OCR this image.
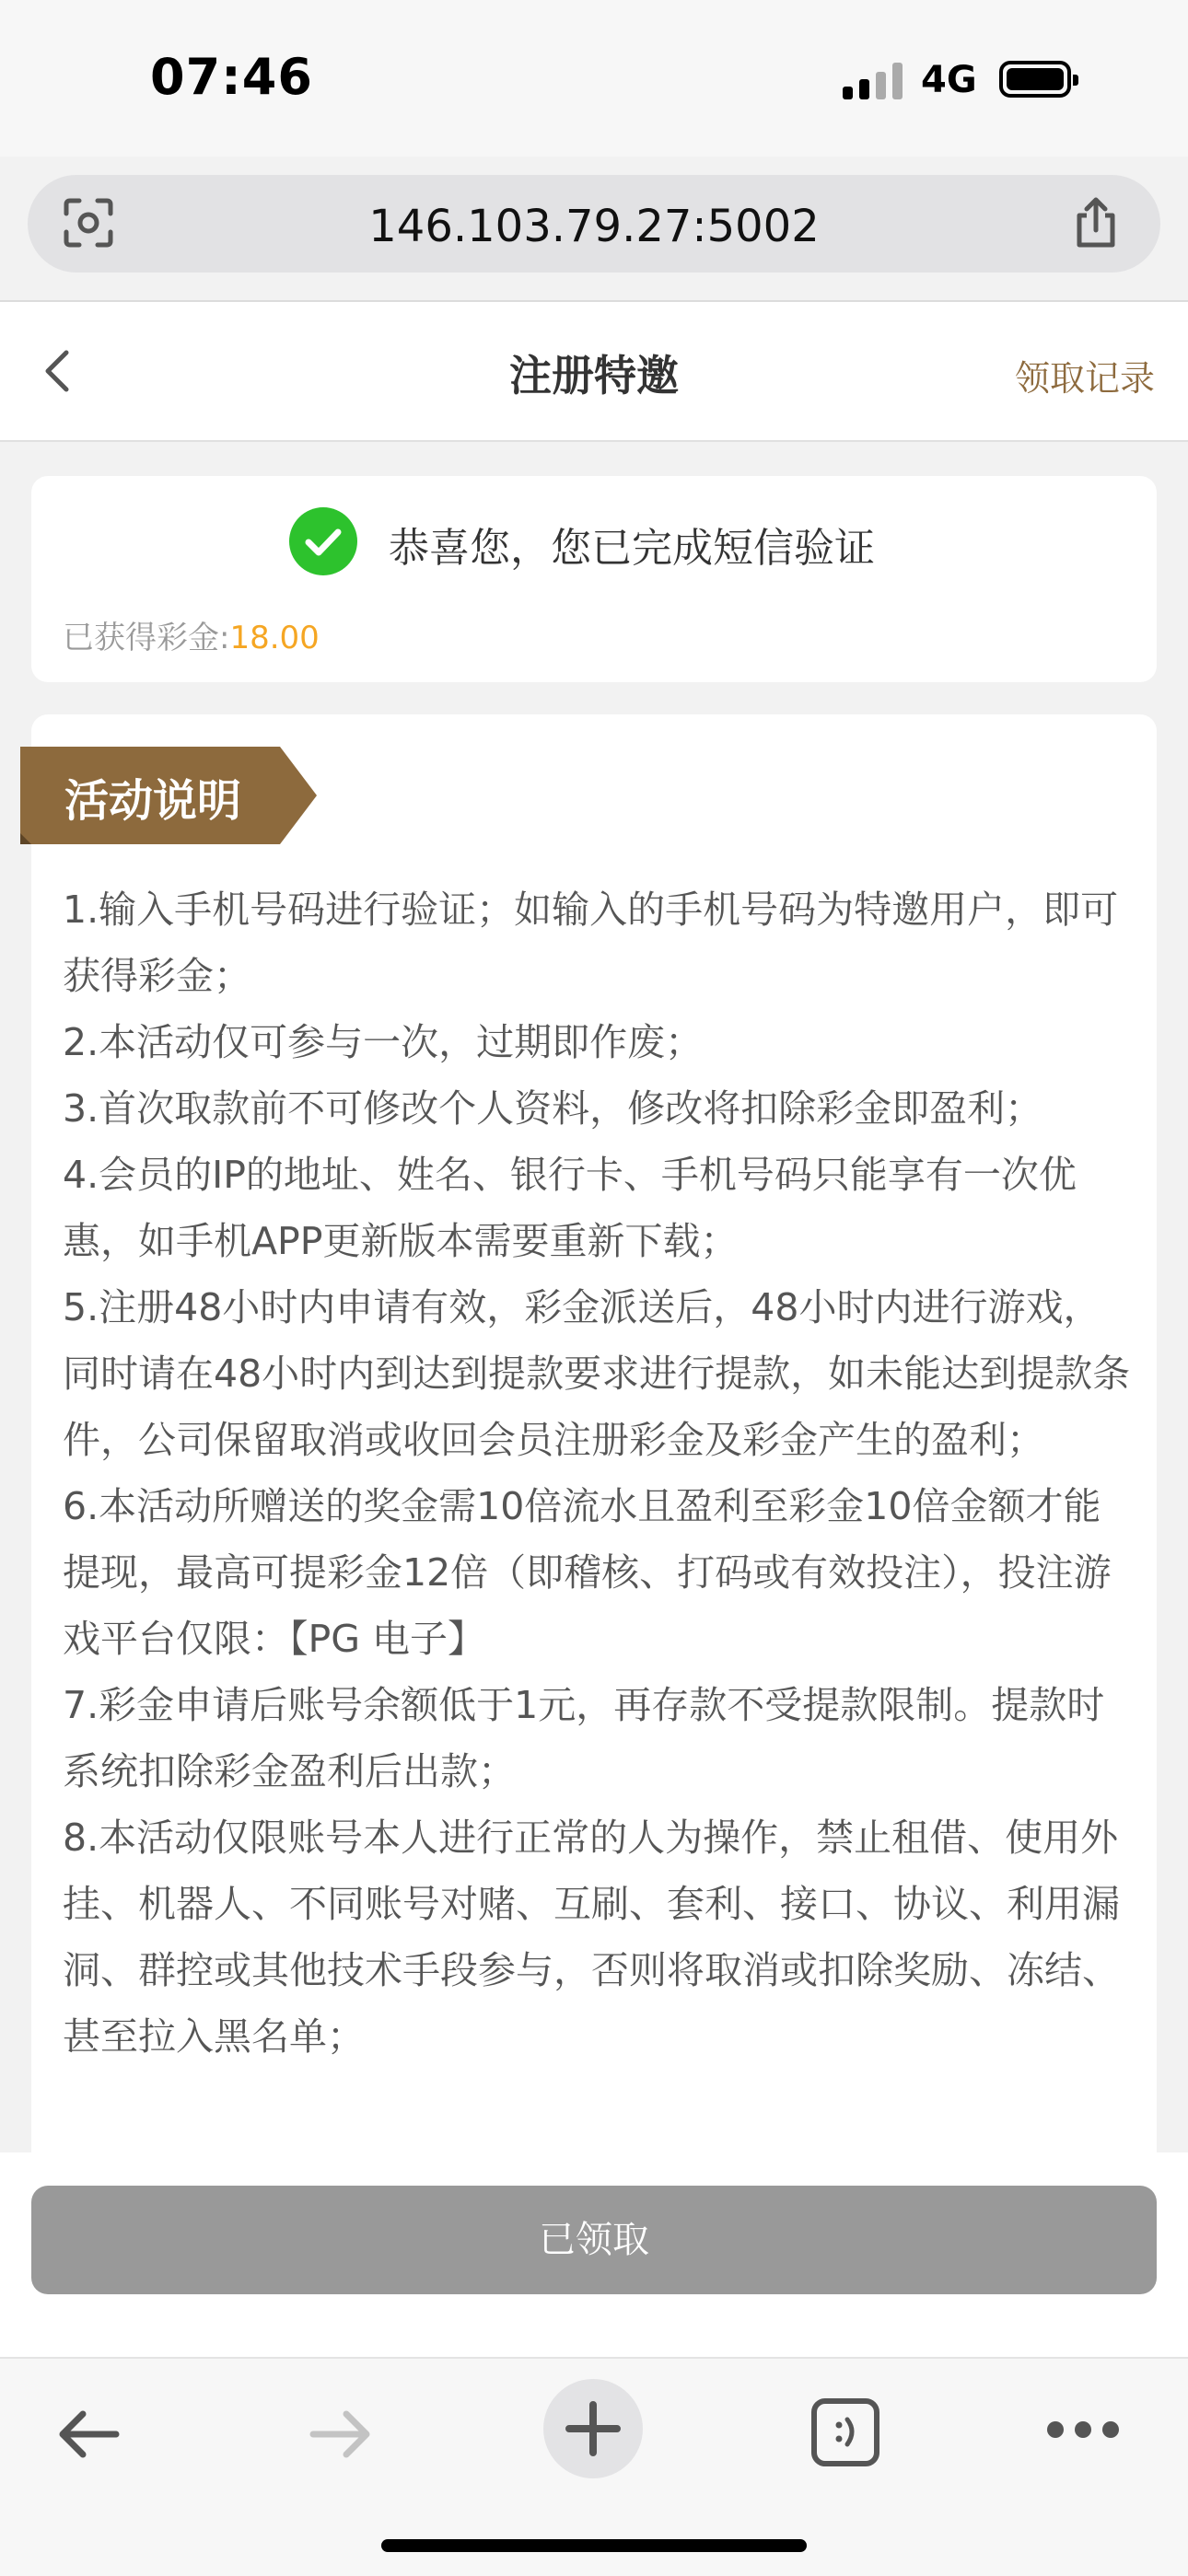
07:46	4G
146.103.79.27:5002
注册特邀	领取记录
恭喜您，您已完成短信验证
已获得彩金:18.00

1.输入手机号码进行验证；如输入的手机号码为特邀用户，即可获得彩金；

2.本活动仅可参与一次，过期即作废；

3.首次取款前不可修改个人资料，修改将扣除彩金即盈利；

4.会员的IP的地址、姓名、银行卡、手机号码只能享有一次优惠，如手机APP更新版本需要重新下载；

5.注册48小时内申请有效，彩金派送后，48小时内进行游戏，同时请在48小时内到达到提款要求进行提款，如未能达到提款条件，公司保留取消或收回会员注册彩金及彩金产生的盈利；

6.本活动所赠送的奖金需10倍流水且盈利至彩金10倍金额才能提现，最高可提彩金12倍（即稽核、打码或有效投注），投注游戏平台仅限：【PG 电子】

7.彩金申请后账号余额低于1元，再存款不受提款限制。提款时系统扣除彩金盈利后出款；

8.本活动仅限账号本人进行正常的人为操作，禁止租借、使用外挂、机器人、不同账号对赌、互刷、套利、接口、协议、利用漏洞、群控或其他技术手段参与，否则将取消或扣除奖励、冻结、甚至拉入黑名单；

活动说明
已领取
